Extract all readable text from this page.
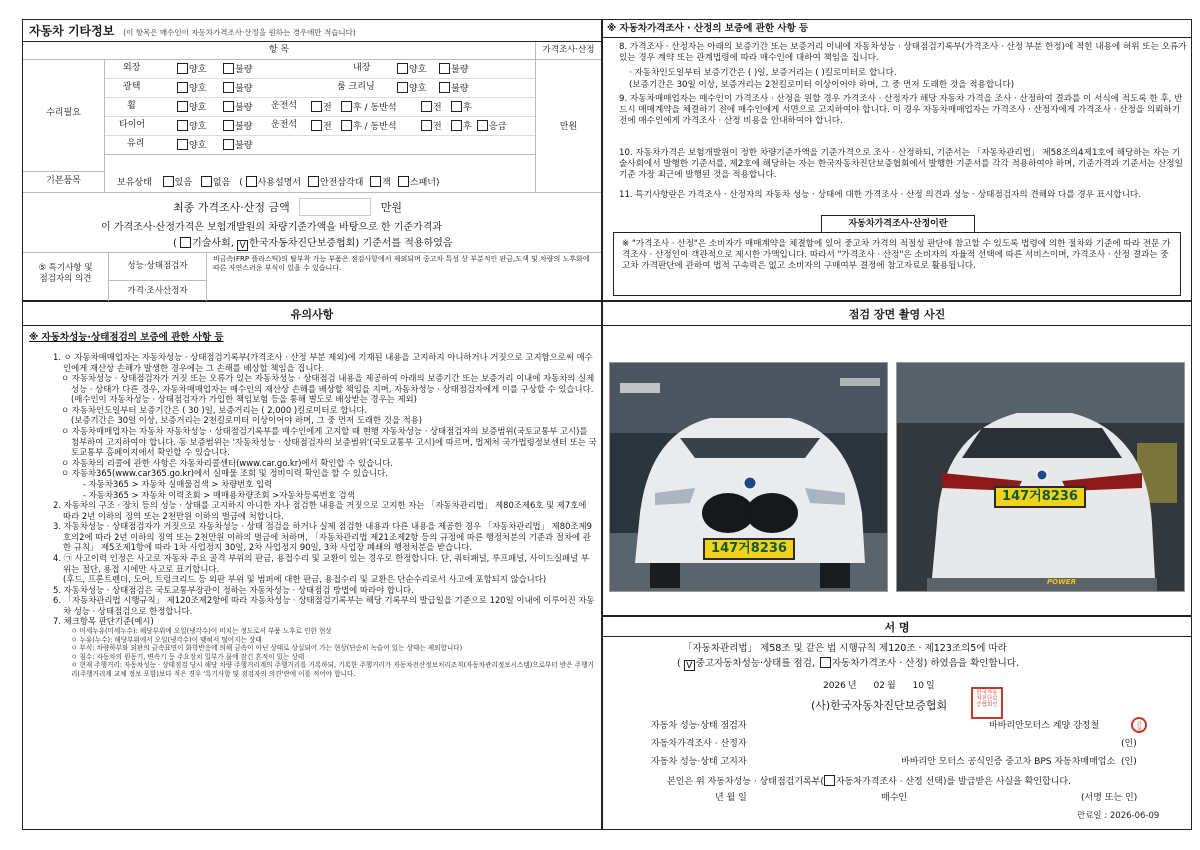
자동차 기타정보 (이 항목은 매수인이 자동차가격조사·산정을 원하는 경우에만 적습니다)
항 목	가격조사·산정
수리필요
외장	양호	불량	내장	양호	불량
광택	양호	불량	룸 크리닝	양호	불량
휠	양호	불량 운전석	전	후 / 동반석	전	후
타이어	양호	불량 운전석	전	후 / 동반석	전	후	응급
유리	양호	불량
만원
기본품목	보유상태	있음 없음 ( 사용설명서 안전삼각대 잭 스패너)
최종 가격조사·산정 금액	만원
이 가격조사·산정가격은 보험개발원의 차량기준가액을 바탕으로 한 기준가격과
( 기술사회, V 한국자동차진단보증협회) 기준서를 적용하였음
⑤ 특기사항 및
점검자의 의견
성능·상태점검자
비금속(FRP 플라스틱)의 탈부착 가능 부품은 점검사항에서 제외되며 중고차 특성 상 부분적인 판금,도색 및 차량의 노후화에 따른 자연스러운 부식이 있을 수 있습니다.
가격·조사산정자
※ 자동차가격조사 · 산정의 보증에 관한 사항 등
8. 가격조사 · 산정자는 아래의 보증기간 또는 보증거리 이내에 자동차성능 · 상태점검기록부(가격조사 · 산정 부분 한정)에 적힌 내용에 허위 또는 오류가 있는 경우 계약 또는 관계법령에 따라 매수인에 대하여 책임을 집니다.
· 자동차인도일부터 보증기간은 ( )일, 보증거리는 ( )킬로미터로 합니다.
(보증기간은 30일 이상, 보증거리는 2천킬로미터 이상이어야 하며, 그 중 먼저 도래한 것을 적용합니다)
9. 자동차매매업자는 매수인이 가격조사 · 산정을 원할 경우 가격조사 · 산정자가 해당 자동차 가격을 조사 · 산정하여 결과를 이 서식에 적도록 한 후, 반드시 매매계약을 체결하기 전에 매수인에게 서면으로 고지하여야 합니다. 이 경우 자동차매매업자는 가격조사 · 산정자에게 가격조사 · 산정을 의뢰하기 전에 매수인에게 가격조사 · 산정 비용을 안내하여야 합니다.
10. 자동차가격은 보험개발원이 정한 차량기준가액을 기준가격으로 조사 · 산정하되, 기준서는 「자동차관리법」 제58조의4제1호에 해당하는 자는 기술사회에서 발행한 기준서를, 제2호에 해당하는 자는 한국자동차진단보증협회에서 발행한 기준서를 각각 적용하여야 하며, 기준가격과 기준서는 산정일 기준 가장 최근에 발행된 것을 적용합니다.
11. 특기사항란은 가격조사 · 산정자의 자동차 성능 · 상태에 대한 가격조사 · 산정 의견과 성능 · 상태점검자의 견해와 다를 경우 표시합니다.
자동차가격조사·산정이란
※ "가격조사 · 산정"은 소비자가 매매계약을 체결함에 있어 중고차 가격의 적절성 판단에 참고할 수 있도록 법령에 의한 절차와 기준에 따라 전문 가격조사 · 산정인이 객관적으로 제시한 가액입니다. 따라서 "가격조사 · 산정"은 소비자의 자율적 선택에 따른 서비스이며, 가격조사 · 산정 결과는 중고차 가격판단에 관하여 법적 구속력은 없고 소비자의 구매여부 결정에 참고자료로 활용됩니다.
유의사항
※ 자동차성능·상태점검의 보증에 관한 사항 등
1. ㅇ 자동차매매업자는 자동차성능 · 상태점검기록부(가격조사 · 산정 부분 제외)에 기재된 내용을 고지하지 아니하거나 거짓으로 고지함으로써 매수인에게 재산상 손해가 발생한 경우에는 그 손해를 배상할 책임을 집니다.
ㅇ 자동차성능 · 상태점검자가 거짓 또는 오류가 있는 자동차성능 · 상태점검 내용을 제공하여 아래의 보증기간 또는 보증거리 이내에 자동차의 실제 성능 · 상태가 다른 경우, 자동차매매업자는 매수인의 재산상 손해를 배상할 책임을 지며, 자동차성능 · 상태점검자에게 이를 구상할 수 있습니다.(매수인이 자동차성능 · 상태점검자가 가입한 책임보험 등을 통해 별도로 배상받는 경우는 제외)
ㅇ 자동차인도일부터 보증기간은 ( 30 )일, 보증거리는 ( 2,000 )킬로미터로 합니다.
(보증기간은 30일 이상, 보증거리는 2천킬로미터 이상이어야 하며, 그 중 먼저 도래한 것을 적용)
ㅇ 자동차매매업자는 자동차 자동차성능 · 상태점검기록부를 매수인에게 고지할 때 현행 자동차성능 · 상태점검자의 보증범위(국토교통부 고시)를 첨부하여 고지하여야 합니다. 동 보증범위는 '자동차성능 · 상태점검자의 보증범위'(국토교통부 고시)에 따르며, 법제처 국가법령정보센터 또는 국토교통부 홈페이지에서 확인할 수 있습니다.
ㅇ 자동차의 리콜에 관한 사항은 자동차리콜센터(www.car.go.kr)에서 확인할 수 있습니다.
ㅇ 자동차365(www.car365.go.kr)에서 실매물 조회 및 정비이력 확인을 할 수 있습니다.
- 자동차365 > 자동차 실매물검색 > 차량번호 입력
- 자동차365 > 자동차 이력조회 > 매매용차량조회 >자동차등록번호 검색
2. 자동차의 구조 · 장치 등의 성능 · 상태를 고지하지 아니한 자나 점검한 내용을 거짓으로 고지한 자는 「자동차관리법」 제80조제6호 및 제7호에 따라 2년 이하의 징역 또는 2천만원 이하의 벌금에 처합니다.
3. 자동차성능 · 상태점검자가 거짓으로 자동차성능 · 상태 점검을 하거나 실제 점검한 내용과 다른 내용을 제공한 경우 「자동차관리법」 제80조제9호의2에 따라 2년 이하의 징역 또는 2천만원 이하의 벌금에 처하며, 「자동차관리법 제21조제2항 등의 규정에 따른 행정처분의 기준과 절차에 관한 규칙」 제5조제1항에 따라 1차 사업정지 30일, 2차 사업정지 90일, 3차 사업장 폐쇄의 행정처분을 받습니다.
4. ㉠ 사고이력 인정은 사고로 자동차 주요 골격 부위의 판금, 용접수리 및 교환이 있는 경우로 한정합니다. 단, 쿼터패널, 루프패널, 사이드실패널 부위는 절단, 용접 시에만 사고로 표기합니다.
(후드, 프론트펜더, 도어, 트렁크리드 등 외판 부위 및 범퍼에 대한 판금, 용접수리 및 교환은 단순수리로서 사고에 포함되지 않습니다)
5. 자동차성능 · 상태점검은 국토교통부장관이 정하는 자동차성능 · 상태점검 방법에 따라야 합니다.
6. 「자동차관리법 시행규칙」 제120조제2항에 따라 자동차성능 · 상태점검기록부는 해당 기록부의 발급일을 기준으로 120일 이내에 이루어진 자동차 성능 · 상태점검으로 한정합니다.
7. 체크항목 판단기준(예시)
ㅇ 미세누유(미세누수): 해당부위에 오일(냉각수)이 비치는 정도로서 부품 노후로 인한 현상
ㅇ 누유(누수): 해당부위에서 오일(냉각수)이 맺혀서 떨어지는 상태
ㅇ 부식: 차량하부와 외판의 금속표면이 화학반응에 의해 금속이 아닌 상태로 상실되어 가는 현상(단순히 녹슬어 있는 상태는 제외합니다)
ㅇ 침수: 자동차의 원동기, 변속기 등 주요장치 일부가 물에 잠긴 흔적이 있는 상태
ㅇ 현재 주행거리: 자동차성능 · 상태점검 당시 해당 차량 주행거리계의 주행거리를 기록하되, 기록한 주행거리가 자동차전산정보처리조직(자동차관리정보시스템)으로부터 받은 주행거리(주행거리계 교체 정보 포함)보다 적은 경우 '특기사항 및 점검자의 의견'란에 이를 적어야 합니다.
점검 장면 촬영 사진
147거8236
147거8236
POWER
서 명
「자동차관리법」 제58조 및 같은 법 시행규칙 제120조 · 제123조의5에 따라
( V 중고자동차성능·상태를 점검, 자동차가격조사 · 산정) 하였음을 확인합니다.
2026 년 02 월 10 일
(사)한국자동차진단보증협회
한국자동차진단보증협회인
자동차 성능·상태 점검자	바바리안모터스 계양 강정철	강정
자동차가격조사 · 산정자	(인)
자동차 성능·상태 고지자	바바리안 모터스 공식인증 중고차 BPS 자동차매매업소 (인)
본인은 위 자동차성능 · 상태점검기록부( 자동차가격조사 · 산정 선택)를 발급받은 사실을 확인합니다.
년 월 일	매수인	(서명 또는 인)
만료일 : 2026-06-09
